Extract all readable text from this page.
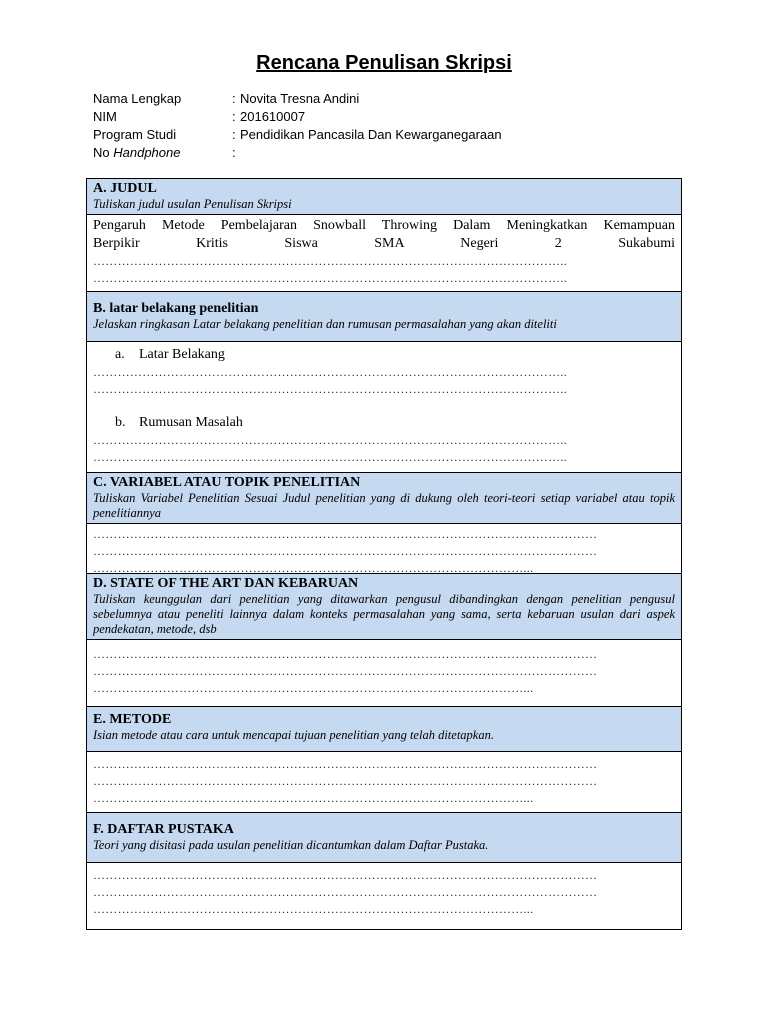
Rencana Penulisan Skripsi
Nama Lengkap	: Novita Tresna Andini
NIM	: 201610007
Program Studi	: Pendidikan Pancasila Dan Kewarganegaraan
No Handphone	:
A. JUDUL
Tuliskan judul usulan Penulisan Skripsi
Pengaruh Metode Pembelajaran Snowball Throwing Dalam Meningkatkan Kemampuan
Berpikir Kritis Siswa SMA Negeri 2 Sukabumi
……………………………………………………………………………………………………..
……………………………………………………………………………………………………..
B. latar belakang penelitian
Jelaskan ringkasan Latar belakang penelitian dan rumusan permasalahan yang akan diteliti
a. Latar Belakang
……………………………………………………………………………………………………..
……………………………………………………………………………………………………..
b. Rumusan Masalah
……………………………………………………………………………………………………..
……………………………………………………………………………………………………..
C. VARIABEL ATAU TOPIK PENELITIAN
Tuliskan Variabel Penelitian Sesuai Judul penelitian yang di dukung oleh teori-teori setiap variabel atau topik penelitiannya
……………………………………………………………………………………………………………
……………………………………………………………………………………………………………
……………………………………………………………………………………………...
D. STATE OF THE ART DAN KEBARUAN
Tuliskan keunggulan dari penelitian yang ditawarkan pengusul dibandingkan dengan penelitian pengusul sebelumnya atau peneliti lainnya dalam konteks permasalahan yang sama, serta kebaruan usulan dari aspek pendekatan, metode, dsb
……………………………………………………………………………………………………………
……………………………………………………………………………………………………………
……………………………………………………………………………………………...
E. METODE
Isian metode atau cara untuk mencapai tujuan penelitian yang telah ditetapkan.
……………………………………………………………………………………………………………
……………………………………………………………………………………………………………
……………………………………………………………………………………………...
F. DAFTAR PUSTAKA
Teori yang disitasi pada usulan penelitian dicantumkan dalam Daftar Pustaka.
……………………………………………………………………………………………………………
……………………………………………………………………………………………………………
……………………………………………………………………………………………...
